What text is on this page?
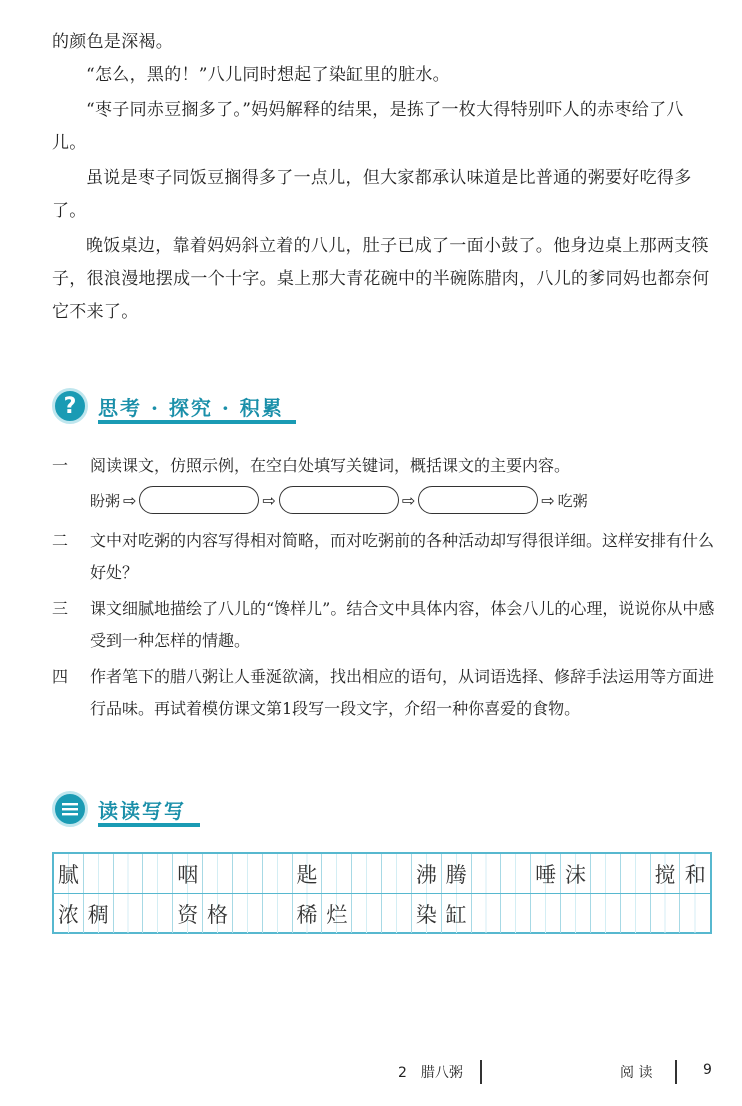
的颜色是深褐。
“怎么，黑的！”八儿同时想起了染缸里的脏水。
“枣子同赤豆搁多了。”妈妈解释的结果，是拣了一枚大得特别吓人的赤枣给了八儿。
虽说是枣子同饭豆搁得多了一点儿，但大家都承认味道是比普通的粥要好吃得多了。
晚饭桌边，靠着妈妈斜立着的八儿，肚子已成了一面小鼓了。他身边桌上那两支筷子，很浪漫地摆成一个十字。桌上那大青花碗中的半碗陈腊肉，八儿的爹同妈也都奈何它不来了。
?	思考 · 探究 · 积累
一	阅读课文，仿照示例，在空白处填写关键词，概括课文的主要内容。
盼粥 ⇨	⇨	⇨	⇨ 吃粥
二	文中对吃粥的内容写得相对简略，而对吃粥前的各种活动却写得很详细。这样安排有什么好处？
三	课文细腻地描绘了八儿的“馋样儿”。结合文中具体内容，体会八儿的心理，说说你从中感受到一种怎样的情趣。
四	作者笔下的腊八粥让人垂涎欲滴，找出相应的语句，从词语选择、修辞手法运用等方面进行品味。再试着模仿课文第1段写一段文字，介绍一种你喜爱的食物。
读读写写
腻	咽	匙	沸 腾	唾 沫	搅 和
浓 稠	资 格	稀 烂	染 缸
2　腊八粥	阅 读	9
